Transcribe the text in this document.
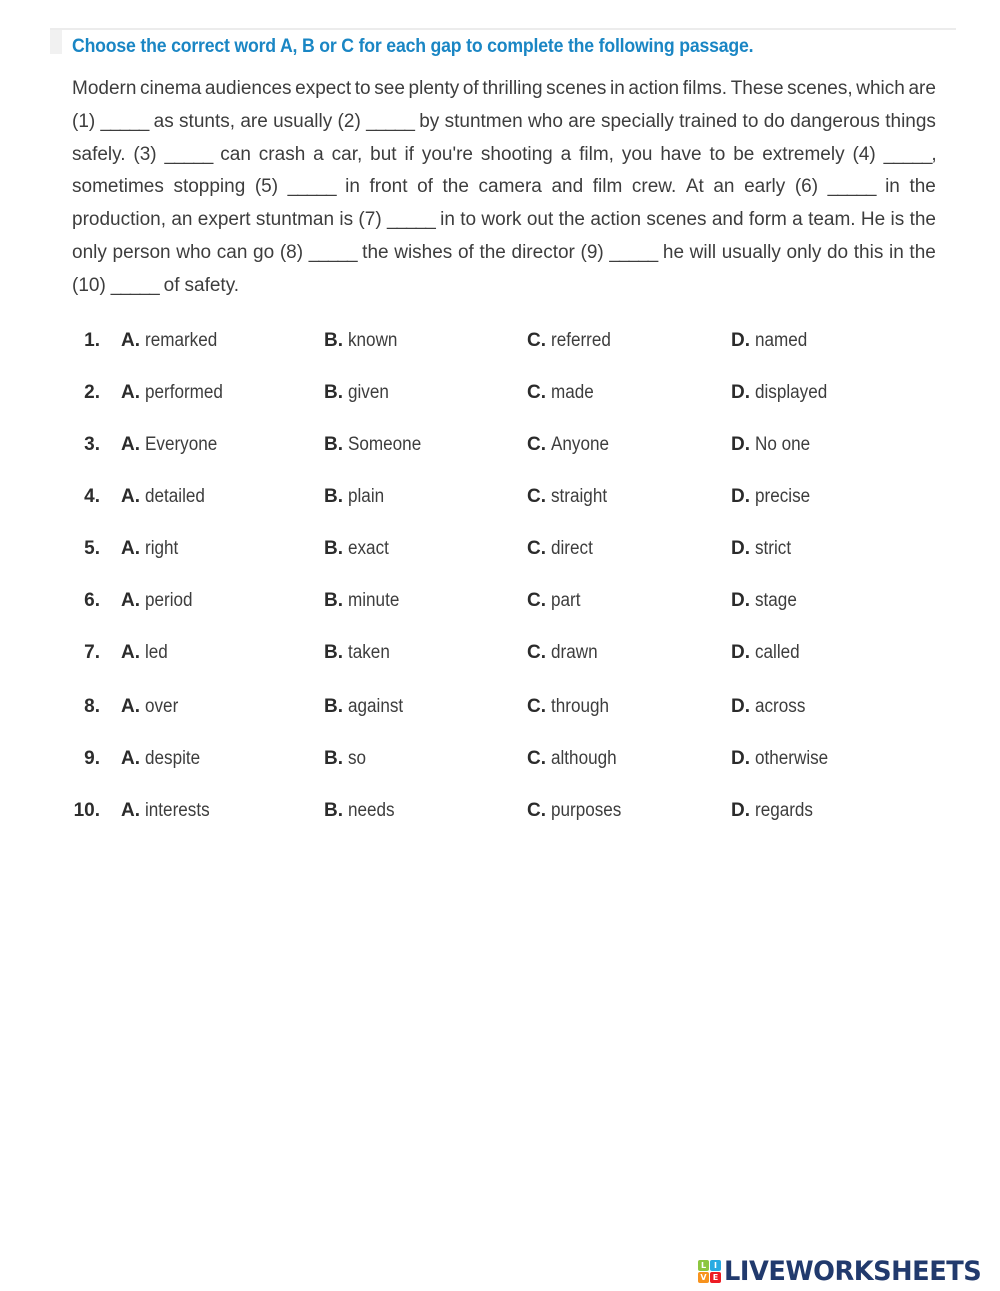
Choose the correct word A, B or C for each gap to complete the following passage.
Modern cinema audiences expect to see plenty of thrilling scenes in action films. These scenes, which are
(1) _____ as stunts, are usually (2) _____ by stuntmen who are specially trained to do dangerous things
safely. (3) _____ can crash a car, but if you're shooting a film, you have to be extremely (4) _____,
sometimes stopping (5) _____ in front of the camera and film crew. At an early (6) _____ in the
production, an expert stuntman is (7) _____ in to work out the action scenes and form a team. He is the
only person who can go (8) _____ the wishes of the director (9) _____ he will usually only do this in the
(10) _____ of safety.
1. A. remarked	B. known	C. referred	D. named
2. A. performed	B. given	C. made	D. displayed
3. A. Everyone	B. Someone	C. Anyone	D. No one
4. A. detailed	B. plain	C. straight	D. precise
5. A. right	B. exact	C. direct	D. strict
6. A. period	B. minute	C. part	D. stage
7. A. led	B. taken	C. drawn	D. called
8. A. over	B. against	C. through	D. across
9. A. despite	B. so	C. although	D. otherwise
10. A. interests	B. needs	C. purposes	D. regards
L I
V E LIVEWORKSHEETS
